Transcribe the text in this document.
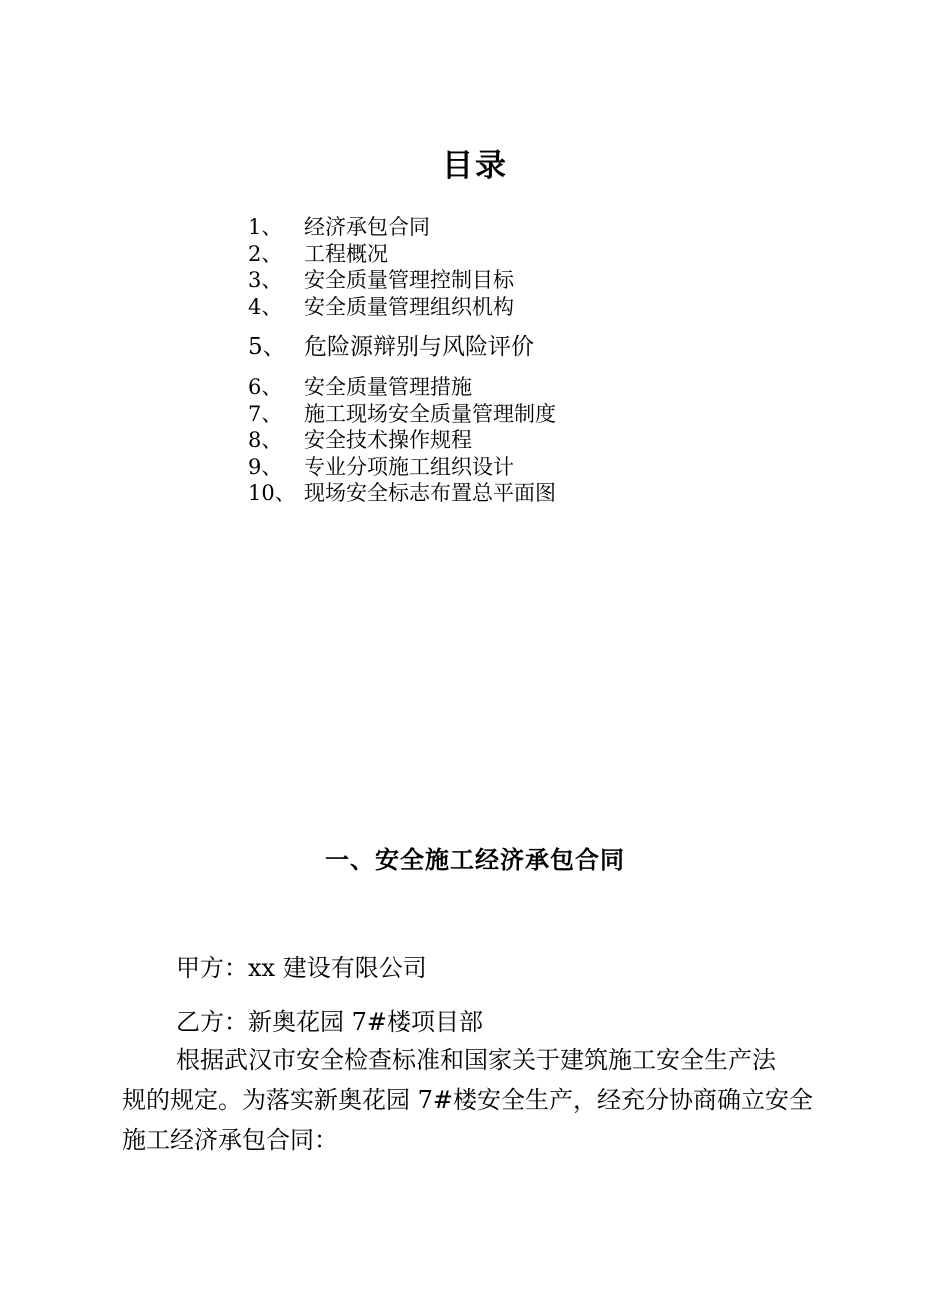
目录
1、	经济承包合同
2、	工程概况
3、	安全质量管理控制目标
4、	安全质量管理组织机构
5、 危险源辩别与风险评价
6、	安全质量管理措施
7、	施工现场安全质量管理制度
8、	安全技术操作规程
9、	专业分项施工组织设计
10、 现场安全标志布置总平面图
一、安全施工经济承包合同
甲方：xx 建设有限公司
乙方：新奥花园 7#楼项目部
根据武汉市安全检查标准和国家关于建筑施工安全生产法
规的规定。为落实新奥花园 7#楼安全生产，经充分协商确立安全
施工经济承包合同：
